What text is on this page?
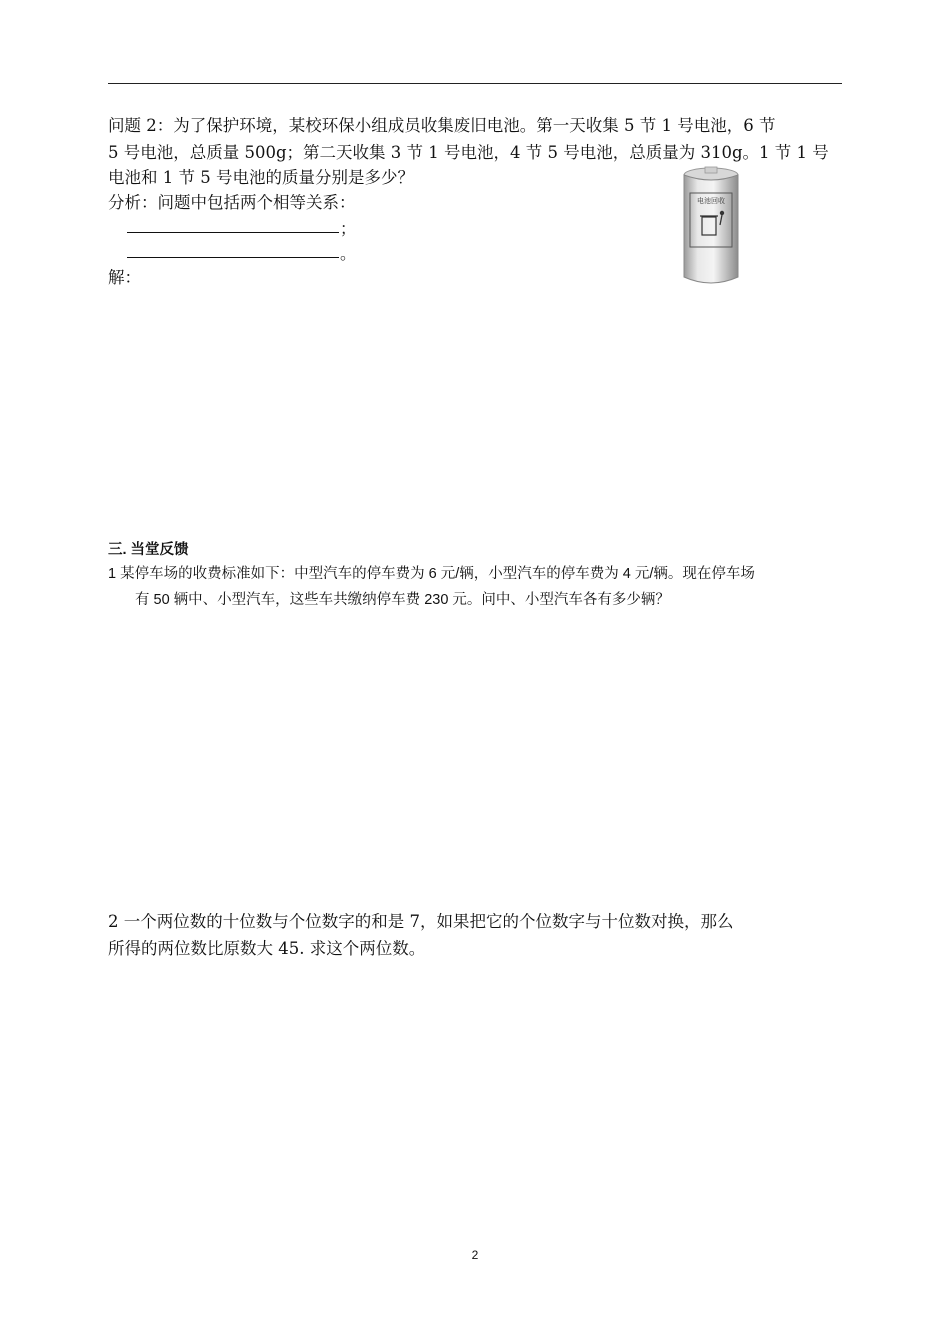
问题 2：为了保护环境，某校环保小组成员收集废旧电池。第一天收集 5 节 1 号电池，6 节
5 号电池，总质量 500g；第二天收集 3 节 1 号电池，4 节 5 号电池，总质量为 310g。1 节 1 号
电池和 1 节 5 号电池的质量分别是多少？
分析：问题中包括两个相等关系：
；
。
解：
电池回收
三. 当堂反馈
1 某停车场的收费标准如下：中型汽车的停车费为 6 元/辆，小型汽车的停车费为 4 元/辆。现在停车场
有 50 辆中、小型汽车，这些车共缴纳停车费 230 元。问中、小型汽车各有多少辆？
2 一个两位数的十位数与个位数字的和是 7，如果把它的个位数字与十位数对换，那么
所得的两位数比原数大 45. 求这个两位数。
2
